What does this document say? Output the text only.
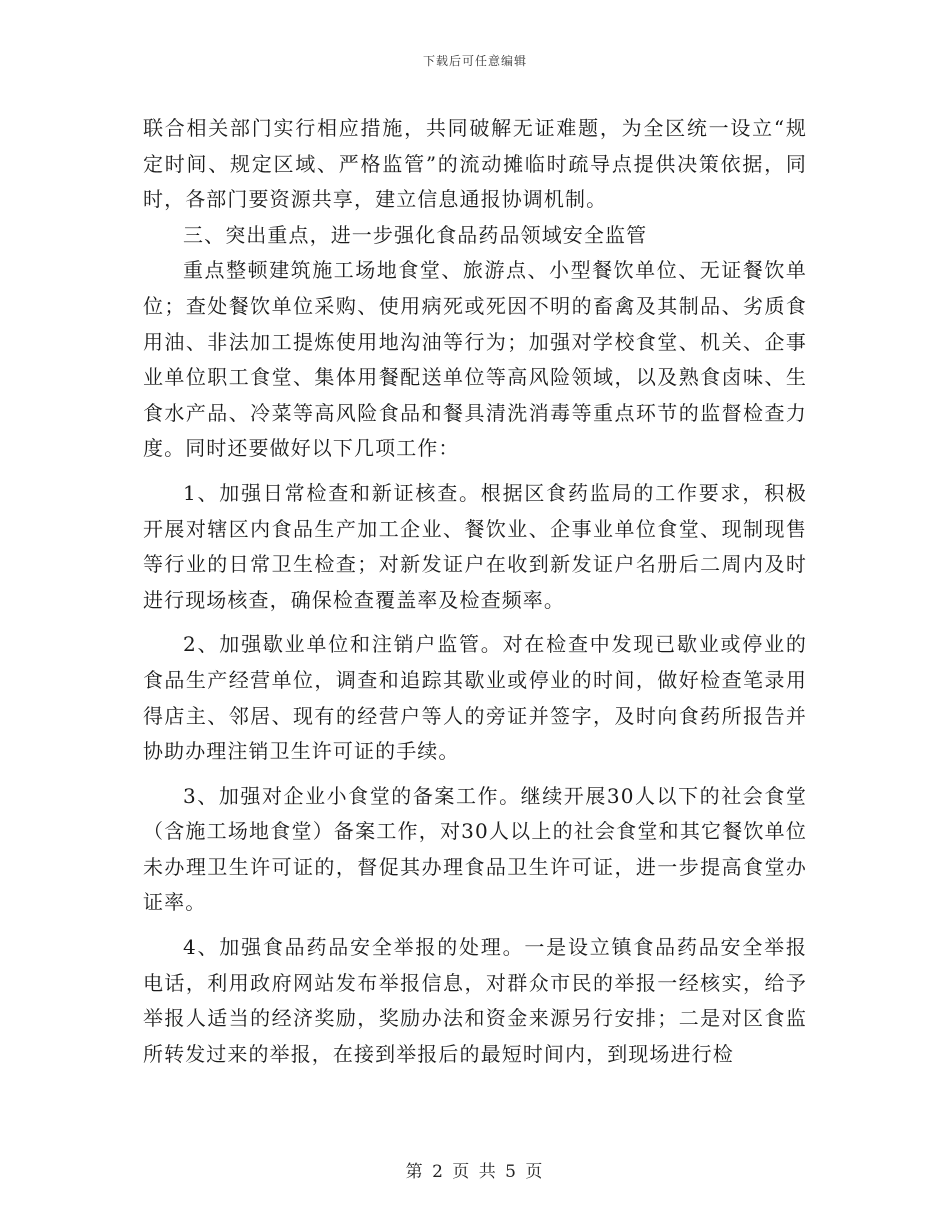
下载后可任意编辑

联合相关部门实行相应措施，共同破解无证难题，为全区统一设立“规定时间、规定区域、严格监管”的流动摊临时疏导点提供决策依据，同时，各部门要资源共享，建立信息通报协调机制。

三、突出重点，进一步强化食品药品领域安全监管

重点整顿建筑施工场地食堂、旅游点、小型餐饮单位、无证餐饮单位；查处餐饮单位采购、使用病死或死因不明的畜禽及其制品、劣质食用油、非法加工提炼使用地沟油等行为；加强对学校食堂、机关、企事业单位职工食堂、集体用餐配送单位等高风险领域，以及熟食卤味、生食水产品、冷菜等高风险食品和餐具清洗消毒等重点环节的监督检查力度。同时还要做好以下几项工作：

1、加强日常检查和新证核查。根据区食药监局的工作要求，积极开展对辖区内食品生产加工企业、餐饮业、企事业单位食堂、现制现售等行业的日常卫生检查；对新发证户在收到新发证户名册后二周内及时进行现场核查，确保检查覆盖率及检查频率。

2、加强歇业单位和注销户监管。对在检查中发现已歇业或停业的食品生产经营单位，调查和追踪其歇业或停业的时间，做好检查笔录用得店主、邻居、现有的经营户等人的旁证并签字，及时向食药所报告并协助办理注销卫生许可证的手续。

3、加强对企业小食堂的备案工作。继续开展30人以下的社会食堂（含施工场地食堂）备案工作，对30人以上的社会食堂和其它餐饮单位未办理卫生许可证的，督促其办理食品卫生许可证，进一步提高食堂办证率。

4、加强食品药品安全举报的处理。一是设立镇食品药品安全举报电话，利用政府网站发布举报信息，对群众市民的举报一经核实，给予举报人适当的经济奖励，奖励办法和资金来源另行安排；二是对区食监所转发过来的举报，在接到举报后的最短时间内，到现场进行检

第 2 页 共 5 页
